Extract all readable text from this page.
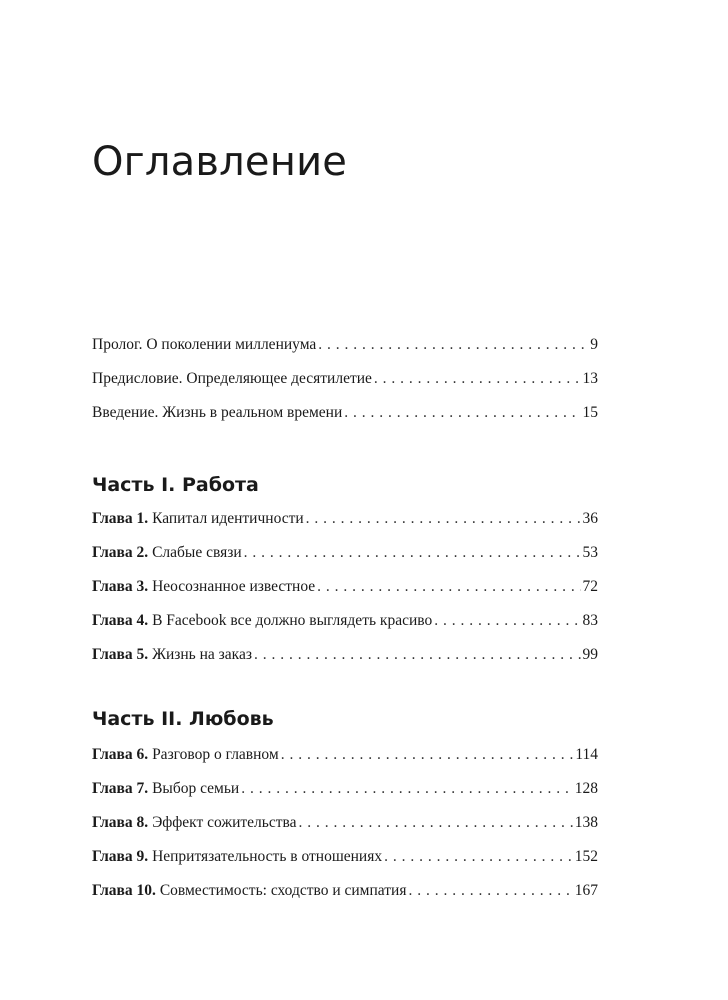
Оглавление
Пролог. О поколении миллениума . . .	9
Предисловие. Определяющее десятилетие . . .	13
Введение. Жизнь в реальном времени . . .	15
Часть I. Работа
Глава 1. Капитал идентичности . . .	36
Глава 2. Слабые связи . . .	53
Глава 3. Неосознанное известное . . .	72
Глава 4. В Facebook все должно выглядеть красиво . . .	83
Глава 5. Жизнь на заказ . . .	99
Часть II. Любовь
Глава 6. Разговор о главном . . .	114
Глава 7. Выбор семьи . . .	128
Глава 8. Эффект сожительства . . .	138
Глава 9. Непритязательность в отношениях . . .	152
Глава 10. Совместимость: сходство и симпатия . . .	167
